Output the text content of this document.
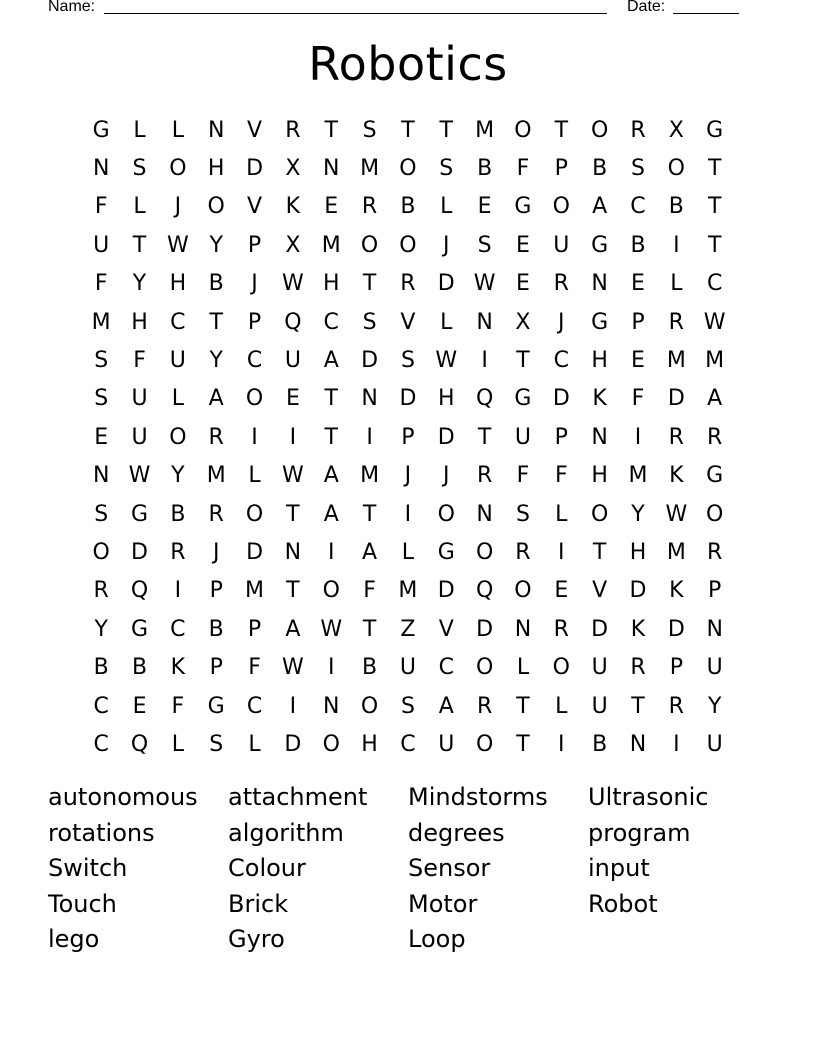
Name:	Date:
Robotics
G	L	L	N	V	R	T	S	T	T	M O	T	O	R	X	G
N	S	O H D	X	N M O	S	B	F	P	B	S	O	T
F	L	J	O	V	K	E	R	B	L	E	G O	A	C	B	T
U	T W Y	P	X M O O	J	S	E	U G	B	I	T
F	Y	H	B	J	W H	T	R	D W E	R	N	E	L	C
M H	C	T	P	Q	C	S	V	L	N	X	J	G	P	R W
S	F	U	Y	C	U	A	D	S W	I	T	C	H	E M M
S	U	L	A	O	E	T	N D H Q G D	K	F	D	A
E	U O	R	I	I	T	I	P	D	T	U	P	N	I	R	R
N W Y	M	L W A M	J	J	R	F	F	H M K	G
S	G	B	R	O	T	A	T	I	O N	S	L	O	Y W O
O D	R	J	D N	I	A	L	G O	R	I	T	H M R
R	Q	I	P	M	T	O	F	M D Q O	E	V	D	K	P
Y	G	C	B	P	A W T	Z	V	D N	R	D	K	D N
B	B	K	P	F W	I	B	U	C O	L	O U	R	P	U
C	E	F	G	C	I	N O	S	A	R	T	L	U	T	R	Y
C Q	L	S	L	D O H	C	U O	T	I	B	N	I	U
autonomous	attachment	Mindstorms	Ultrasonic
rotations	algorithm	degrees	program
Switch	Colour	Sensor	input
Touch	Brick	Motor	Robot
lego	Gyro	Loop
